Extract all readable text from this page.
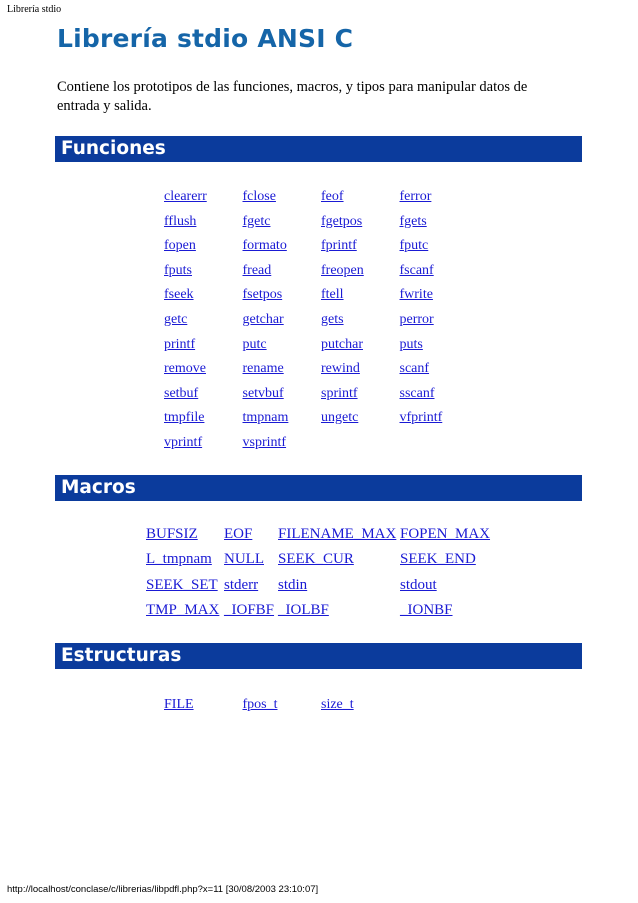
Librería stdio
Librería stdio ANSI C

Contiene los prototipos de las funciones, macros, y tipos para manipular datos de entrada y salida.

Funciones
clearerr	fclose	feof	ferror
fflush	fgetc	fgetpos	fgets
fopen	formato	fprintf	fputc
fputs	fread	freopen	fscanf
fseek	fsetpos	ftell	fwrite
getc	getchar	gets	perror
printf	putc	putchar	puts
remove	rename	rewind	scanf
setbuf	setvbuf	sprintf	sscanf
tmpfile	tmpnam	ungetc	vfprintf
vprintf	vsprintf		
Macros
BUFSIZ	EOF	FILENAME_MAX	FOPEN_MAX
L_tmpnam	NULL	SEEK_CUR	SEEK_END
SEEK_SET	stderr	stdin	stdout
TMP_MAX	_IOFBF	_IOLBF	_IONBF
Estructuras
FILE	fpos_t	size_t
http://localhost/conclase/c/librerias/libpdfl.php?x=11 [30/08/2003 23:10:07]
